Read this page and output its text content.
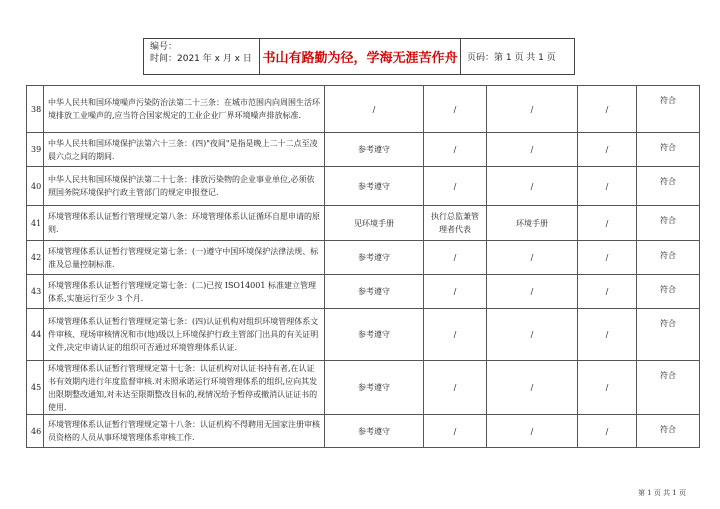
编号：
时间：2021 年 x 月 x 日 书山有路勤为径，学海无涯苦作舟	页码：第 1 页 共 1 页
38	中华人民共和国环境噪声污染防治法第二十三条：在城市范围内向周围生活环境排放工业噪声的,应当符合国家规定的工业企业厂界环境噪声排放标准.	/	/	/	/	符合
39	中华人民共和国环境保护法第六十三条：(四)"夜间"是指是晚上二十二点至凌晨六点之间的期间.	参考遵守	/	/	/	符合
40	中华人民共和国环境保护法第二十七条：排放污染物的企业事业单位,必须依照国务院环境保护行政主管部门的规定申报登记.	参考遵守	/	/	/	符合
41	环境管理体系认证暂行管理规定第八条：环境管理体系认证循环自愿申请的原则.	见环境手册	执行总监兼管理者代表	环境手册	/	符合
42	环境管理体系认证暂行管理规定第七条：(一)遵守中国环境保护法律法规、标准及总量控制标准.	参考遵守	/	/	/	符合
43	环境管理体系认证暂行管理规定第七条：(二)已按 ISO14001 标准建立管理体系,实施运行至少 3 个月.	参考遵守	/	/	/	符合
44	环境管理体系认证暂行管理规定第七条：(四)认证机构对组织环境管理体系文件审核、现场审核情况和市(地)级以上环境保护行政主管部门出具的有关证明文件,决定申请认证的组织可否通过环境管理体系认证.	参考遵守	/	/	/	符合
45	环境管理体系认证暂行管理规定第十七条：认证机构对认证书持有者,在认证书有效期内进行年度监督审核.对未照承诺运行环境管理体系的组织,应向其发出限期整改通知,对未达至限期整改目标的,视情况给予暂停或撤消认证证书的使用.	参考遵守	/	/	/	符合
46	环境管理体系认证暂行管理规定第十八条：认证机构不得聘用无国家注册审核员资格的人员从事环境管理体系审核工作.	参考遵守	/	/	/	符合
第 1 页 共 1 页
